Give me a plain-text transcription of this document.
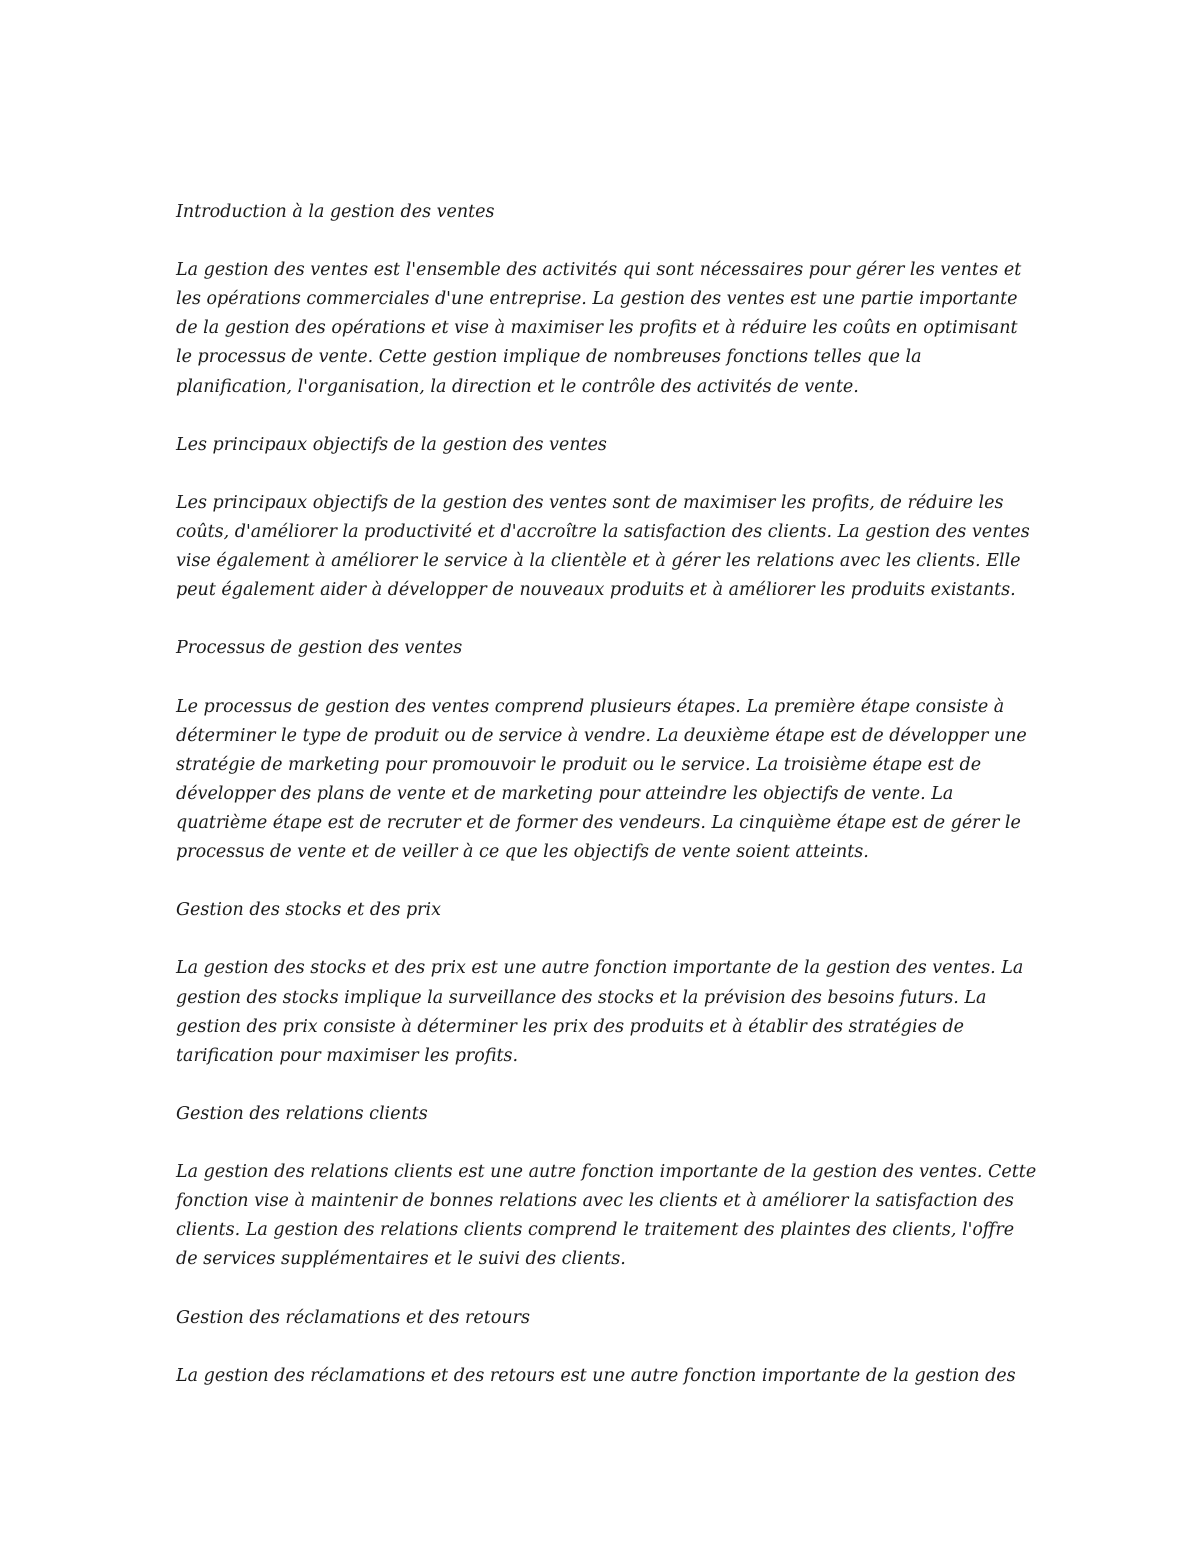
Introduction à la gestion des ventes

La gestion des ventes est l'ensemble des activités qui sont nécessaires pour gérer les ventes et

les opérations commerciales d'une entreprise. La gestion des ventes est une partie importante

de la gestion des opérations et vise à maximiser les profits et à réduire les coûts en optimisant

le processus de vente. Cette gestion implique de nombreuses fonctions telles que la

planification, l'organisation, la direction et le contrôle des activités de vente.

Les principaux objectifs de la gestion des ventes

Les principaux objectifs de la gestion des ventes sont de maximiser les profits, de réduire les

coûts, d'améliorer la productivité et d'accroître la satisfaction des clients. La gestion des ventes

vise également à améliorer le service à la clientèle et à gérer les relations avec les clients. Elle

peut également aider à développer de nouveaux produits et à améliorer les produits existants.

Processus de gestion des ventes

Le processus de gestion des ventes comprend plusieurs étapes. La première étape consiste à

déterminer le type de produit ou de service à vendre. La deuxième étape est de développer une

stratégie de marketing pour promouvoir le produit ou le service. La troisième étape est de

développer des plans de vente et de marketing pour atteindre les objectifs de vente. La

quatrième étape est de recruter et de former des vendeurs. La cinquième étape est de gérer le

processus de vente et de veiller à ce que les objectifs de vente soient atteints.

Gestion des stocks et des prix

La gestion des stocks et des prix est une autre fonction importante de la gestion des ventes. La

gestion des stocks implique la surveillance des stocks et la prévision des besoins futurs. La

gestion des prix consiste à déterminer les prix des produits et à établir des stratégies de

tarification pour maximiser les profits.

Gestion des relations clients

La gestion des relations clients est une autre fonction importante de la gestion des ventes. Cette

fonction vise à maintenir de bonnes relations avec les clients et à améliorer la satisfaction des

clients. La gestion des relations clients comprend le traitement des plaintes des clients, l'offre

de services supplémentaires et le suivi des clients.

Gestion des réclamations et des retours

La gestion des réclamations et des retours est une autre fonction importante de la gestion des
